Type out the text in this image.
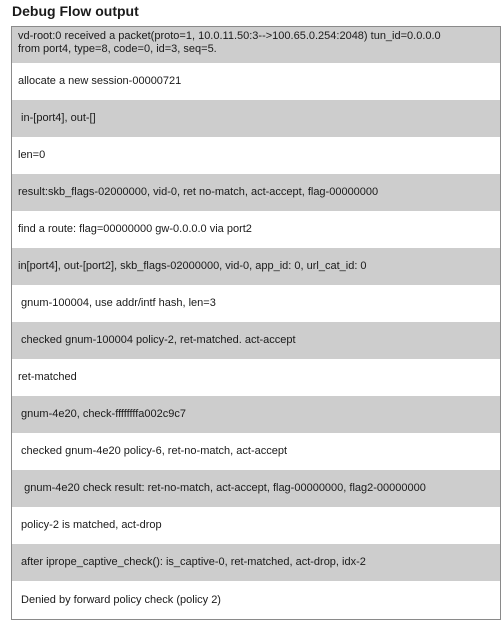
Debug Flow output
vd-root:0 received a packet(proto=1, 10.0.11.50:3-->100.65.0.254:2048) tun_id=0.0.0.0
from port4, type=8, code=0, id=3, seq=5.
allocate a new session-00000721
in-[port4], out-[]
len=0
result:skb_flags-02000000, vid-0, ret no-match, act-accept, flag-00000000
find a route: flag=00000000 gw-0.0.0.0 via port2
in[port4], out-[port2], skb_flags-02000000, vid-0, app_id: 0, url_cat_id: 0
gnum-100004, use addr/intf hash, len=3
checked gnum-100004 policy-2, ret-matched. act-accept
ret-matched
gnum-4e20, check-ffffffffa002c9c7
checked gnum-4e20 policy-6, ret-no-match, act-accept
gnum-4e20 check result: ret-no-match, act-accept, flag-00000000, flag2-00000000
policy-2 is matched, act-drop
after iprope_captive_check(): is_captive-0, ret-matched, act-drop, idx-2
Denied by forward policy check (policy 2)
